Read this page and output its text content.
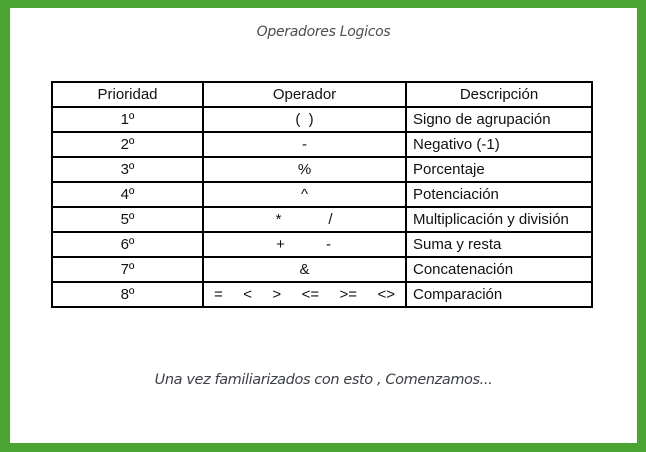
Operadores Logicos
Prioridad	Operador	Descripción
1º	(  )	Signo de agrupación
2º	-	Negativo (-1)
3º	%	Porcentaje
4º	^	Potenciación
5º	* /	Multiplicación y división
6º	+ -	Suma y resta
7º	&	Concatenación
8º	= < > <= >= <>	Comparación
Una vez familiarizados con esto , Comenzamos...
